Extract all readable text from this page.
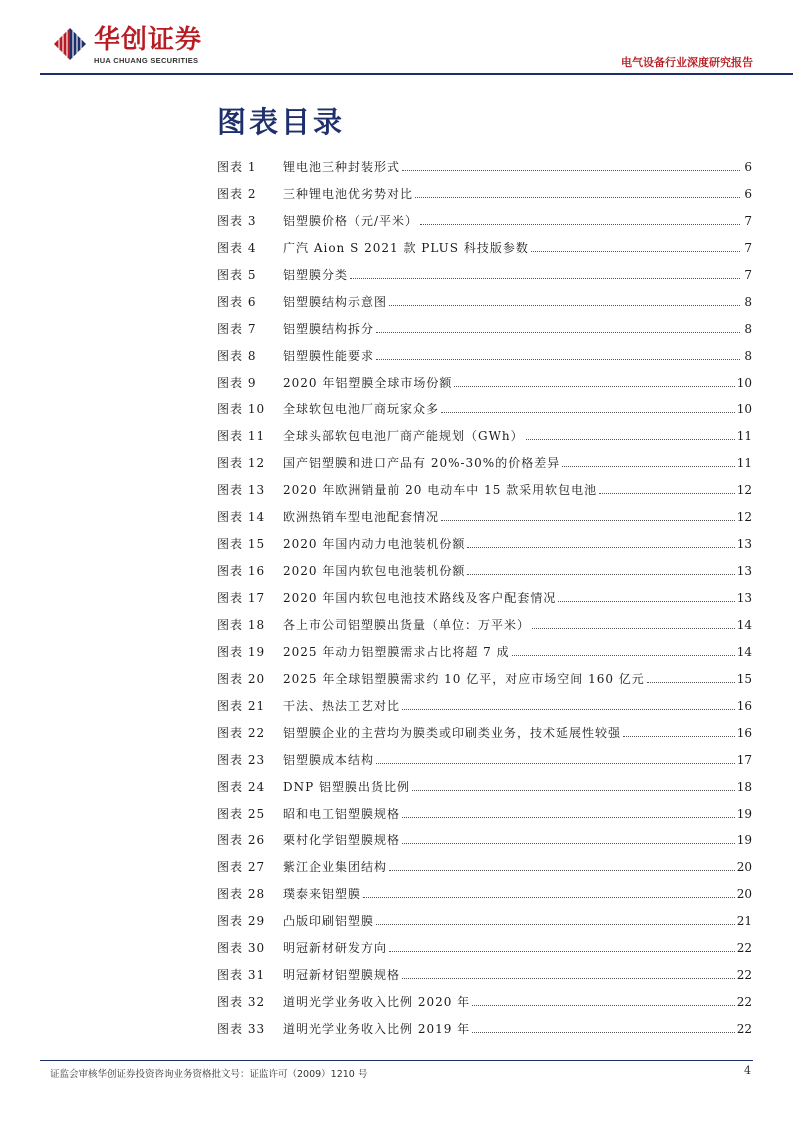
华创证券
HUA CHUANG SECURITIES	电气设备行业深度研究报告
图表目录
图表 1	锂电池三种封装形式	6
图表 2	三种锂电池优劣势对比	6
图表 3	铝塑膜价格（元/平米）	7
图表 4	广汽 Aion S 2021 款 PLUS 科技版参数	7
图表 5	铝塑膜分类	7
图表 6	铝塑膜结构示意图	8
图表 7	铝塑膜结构拆分	8
图表 8	铝塑膜性能要求	8
图表 9	2020 年铝塑膜全球市场份额	10
图表 10	全球软包电池厂商玩家众多	10
图表 11	全球头部软包电池厂商产能规划（GWh）	11
图表 12	国产铝塑膜和进口产品有 20%-30%的价格差异	11
图表 13	2020 年欧洲销量前 20 电动车中 15 款采用软包电池	12
图表 14	欧洲热销车型电池配套情况	12
图表 15	2020 年国内动力电池装机份额	13
图表 16	2020 年国内软包电池装机份额	13
图表 17	2020 年国内软包电池技术路线及客户配套情况	13
图表 18	各上市公司铝塑膜出货量（单位：万平米）	14
图表 19	2025 年动力铝塑膜需求占比将超 7 成	14
图表 20	2025 年全球铝塑膜需求约 10 亿平，对应市场空间 160 亿元	15
图表 21	干法、热法工艺对比	16
图表 22	铝塑膜企业的主营均为膜类或印刷类业务，技术延展性较强	16
图表 23	铝塑膜成本结构	17
图表 24	DNP 铝塑膜出货比例	18
图表 25	昭和电工铝塑膜规格	19
图表 26	栗村化学铝塑膜规格	19
图表 27	紫江企业集团结构	20
图表 28	璞泰来铝塑膜	20
图表 29	凸版印刷铝塑膜	21
图表 30	明冠新材研发方向	22
图表 31	明冠新材铝塑膜规格	22
图表 32	道明光学业务收入比例 2020 年	22
图表 33	道明光学业务收入比例 2019 年	22
证监会审核华创证券投资咨询业务资格批文号：证监许可（2009）1210 号	4
